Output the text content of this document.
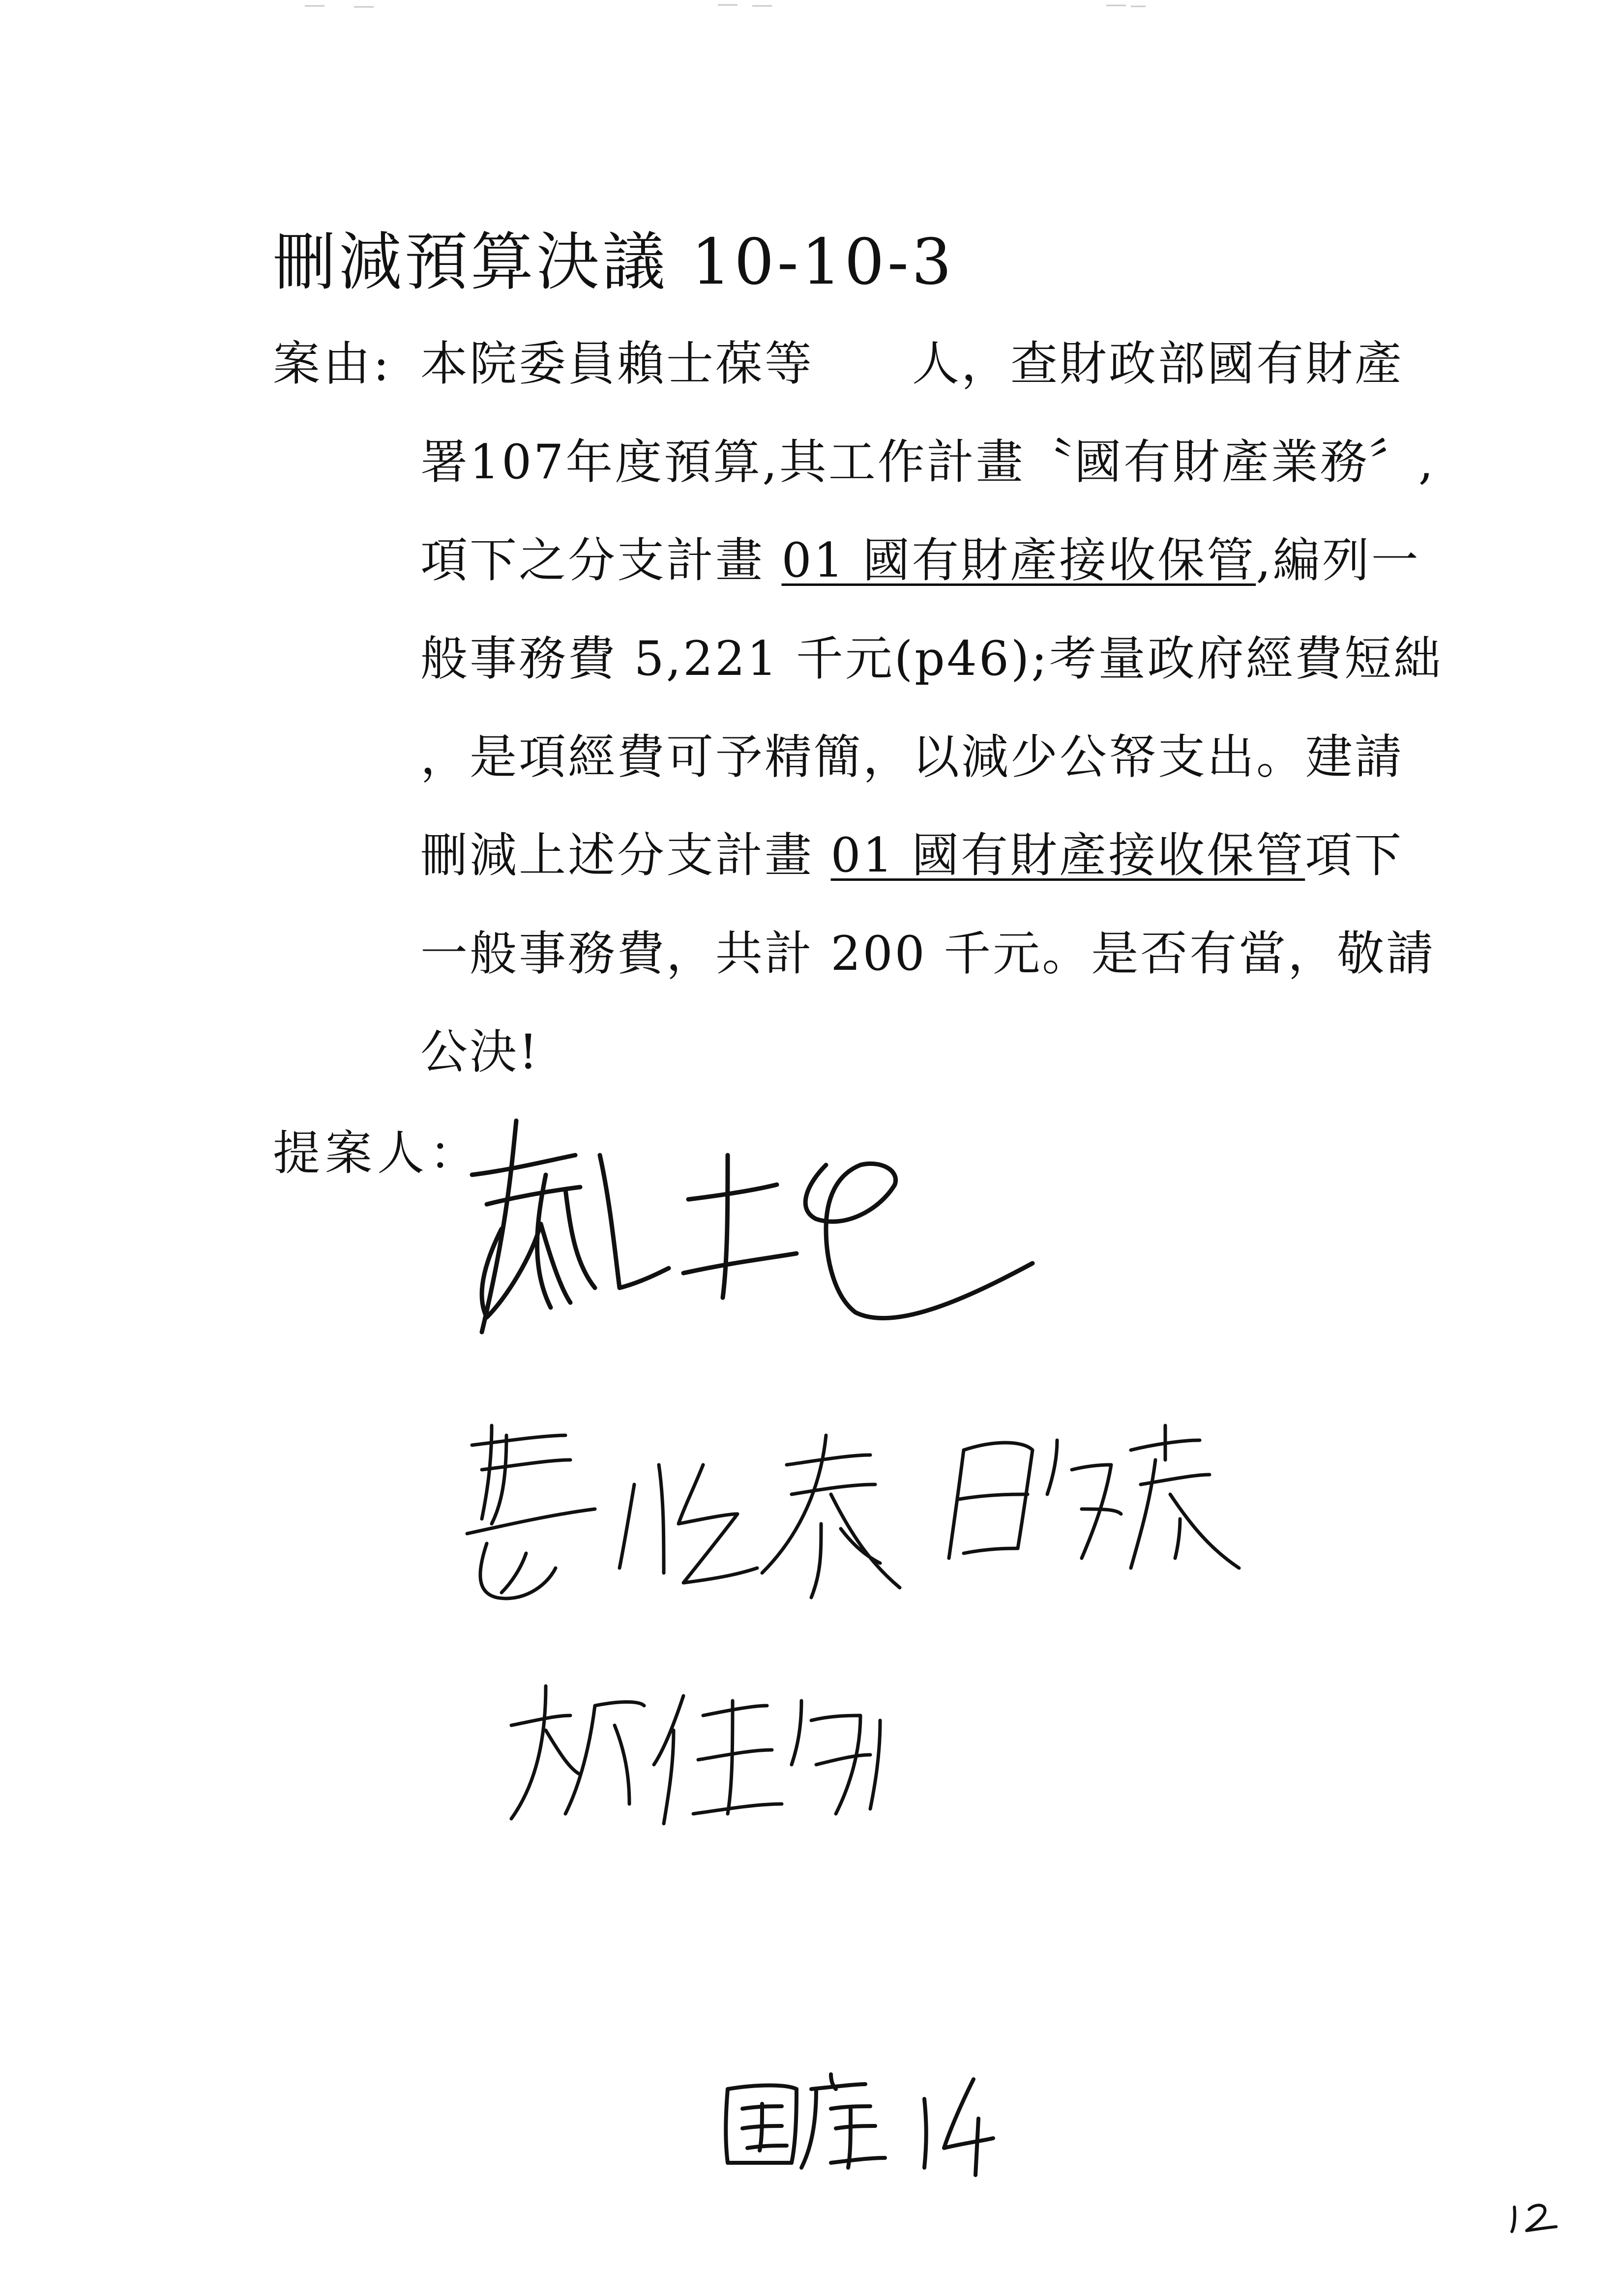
刪減預算決議 10-10-3
案由: 本院委員賴士葆等　　人，查財政部國有財產
署107年度預算,其工作計畫〝國有財產業務〞,
項下之分支計畫 01 國有財產接收保管,編列一
般事務費 5,221 千元(p46);考量政府經費短絀
，是項經費可予精簡，以減少公帑支出。建請
刪減上述分支計畫 01 國有財產接收保管項下
一般事務費，共計 200 千元。是否有當，敬請
公決!
提案人：
